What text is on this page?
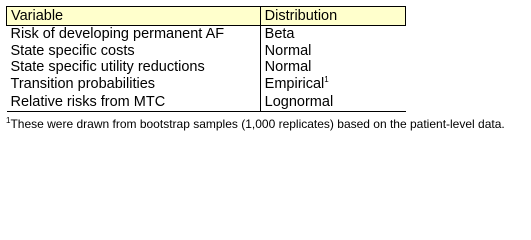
Variable	Distribution
Risk of developing permanent AF	Beta
State specific costs	Normal
State specific utility reductions	Normal
Transition probabilities	Empirical$^1$
Relative risks from MTC	Lognormal
$^1$These were drawn from bootstrap samples (1,000 replicates) based on the patient-level data.
